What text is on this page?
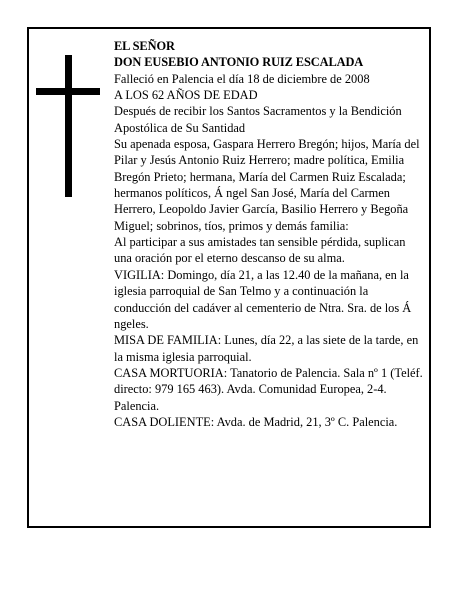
EL SEÑOR

DON EUSEBIO ANTONIO RUIZ ESCALADA

Falleció en Palencia el día 18 de diciembre de 2008

A LOS 62 AÑOS DE EDAD

Después de recibir los Santos Sacramentos y la Bendición Apostólica de Su Santidad

Su apenada esposa, Gaspara Herrero Bregón; hijos, María del Pilar y Jesús Antonio Ruiz Herrero; madre política, Emilia Bregón Prieto; hermana, María del Carmen Ruiz Escalada; hermanos políticos, Á ngel San José, María del Carmen Herrero, Leopoldo Javier García, Basilio Herrero y Begoña Miguel; sobrinos, tíos, primos y demás familia:

Al participar a sus amistades tan sensible pérdida, suplican una oración por el eterno descanso de su alma.

VIGILIA: Domingo, día 21, a las 12.40 de la mañana, en la iglesia parroquial de San Telmo y a continuación la conducción del cadáver al cementerio de Ntra. Sra. de los Á ngeles.

MISA DE FAMILIA: Lunes, día 22, a las siete de la tarde, en la misma iglesia parroquial.

CASA MORTUORIA: Tanatorio de Palencia. Sala nº 1 (Teléf. directo: 979 165 463). Avda. Comunidad Europea, 2-4. Palencia.

CASA DOLIENTE: Avda. de Madrid, 21, 3º C. Palencia.
